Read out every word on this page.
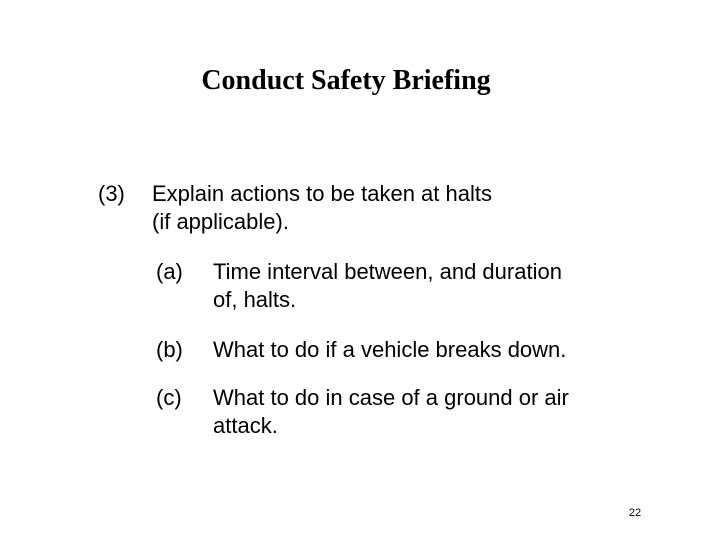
Conduct Safety Briefing
(3) Explain actions to be taken at halts
(if applicable).
(a) Time interval between, and duration
of, halts.
(b) What to do if a vehicle breaks down.
(c) What to do in case of a ground or air
attack.
22
